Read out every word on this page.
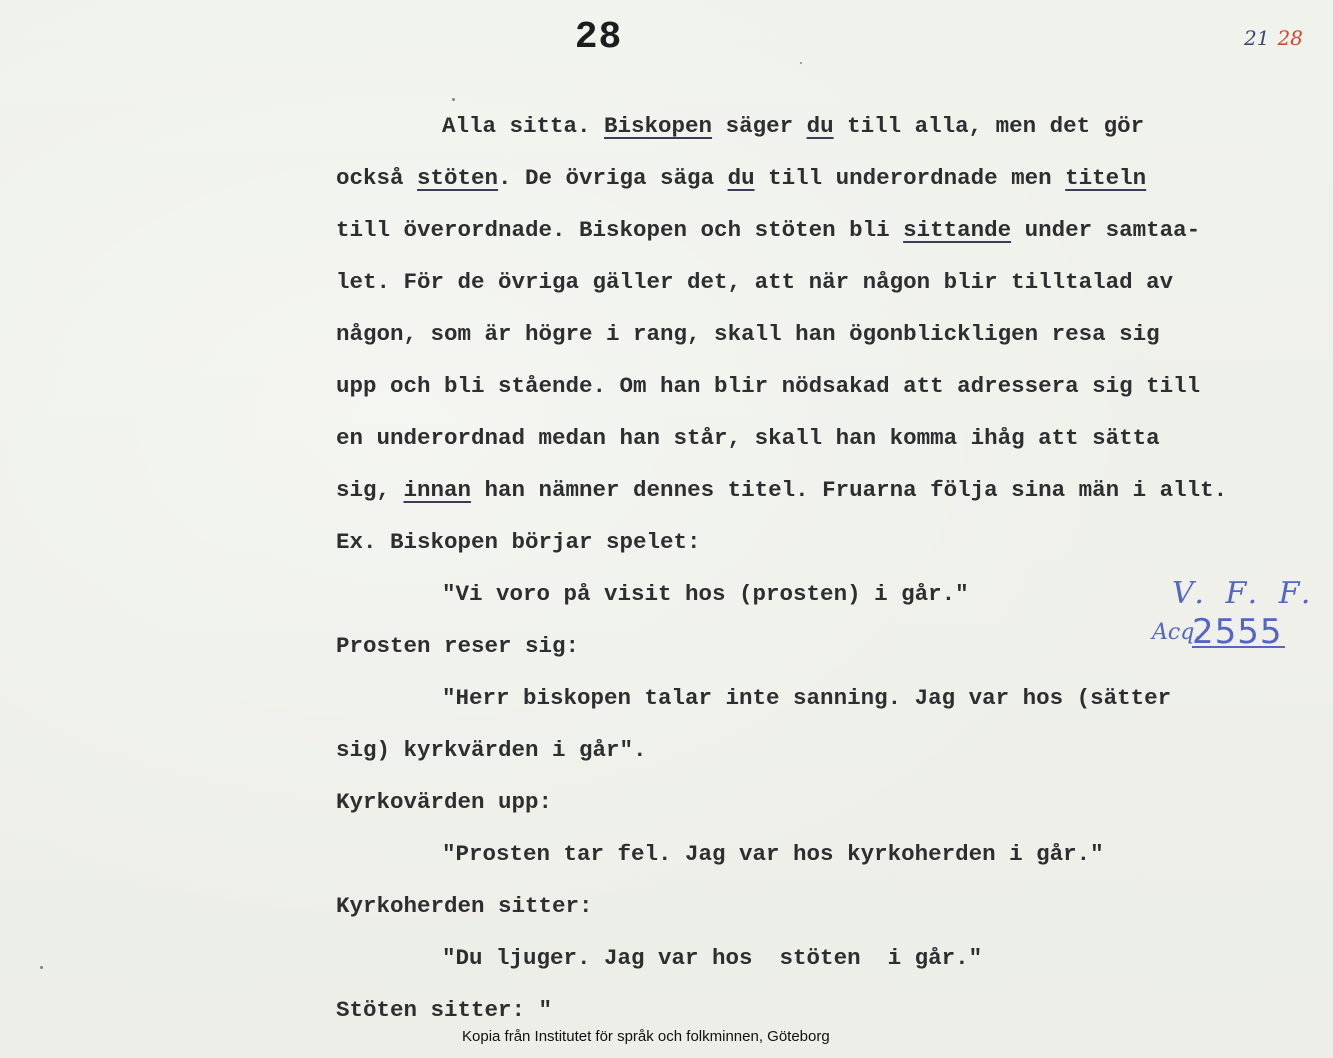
28	21 28
Alla sitta. Biskopen säger du till alla, men det gör
också stöten. De övriga säga du till underordnade men titeln
till överordnade. Biskopen och stöten bli sittande under samtaa-
let. För de övriga gäller det, att när någon blir tilltalad av
någon, som är högre i rang, skall han ögonblickligen resa sig
upp och bli stående. Om han blir nödsakad att adressera sig till
en underordnad medan han står, skall han komma ihåg att sätta
sig, innan han nämner dennes titel. Fruarna följa sina män i allt.
Ex. Biskopen börjar spelet:
"Vi voro på visit hos (prosten) i går."
Prosten reser sig:
"Herr biskopen talar inte sanning. Jag var hos (sätter
sig) kyrkvärden i går".
Kyrkovärden upp:
"Prosten tar fel. Jag var hos kyrkoherden i går."
Kyrkoherden sitter:
"Du ljuger. Jag var hos  stöten  i går."
Stöten sitter: "
V. F. F.
Acq.
2555
Kopia från Institutet för språk och folkminnen, Göteborg
